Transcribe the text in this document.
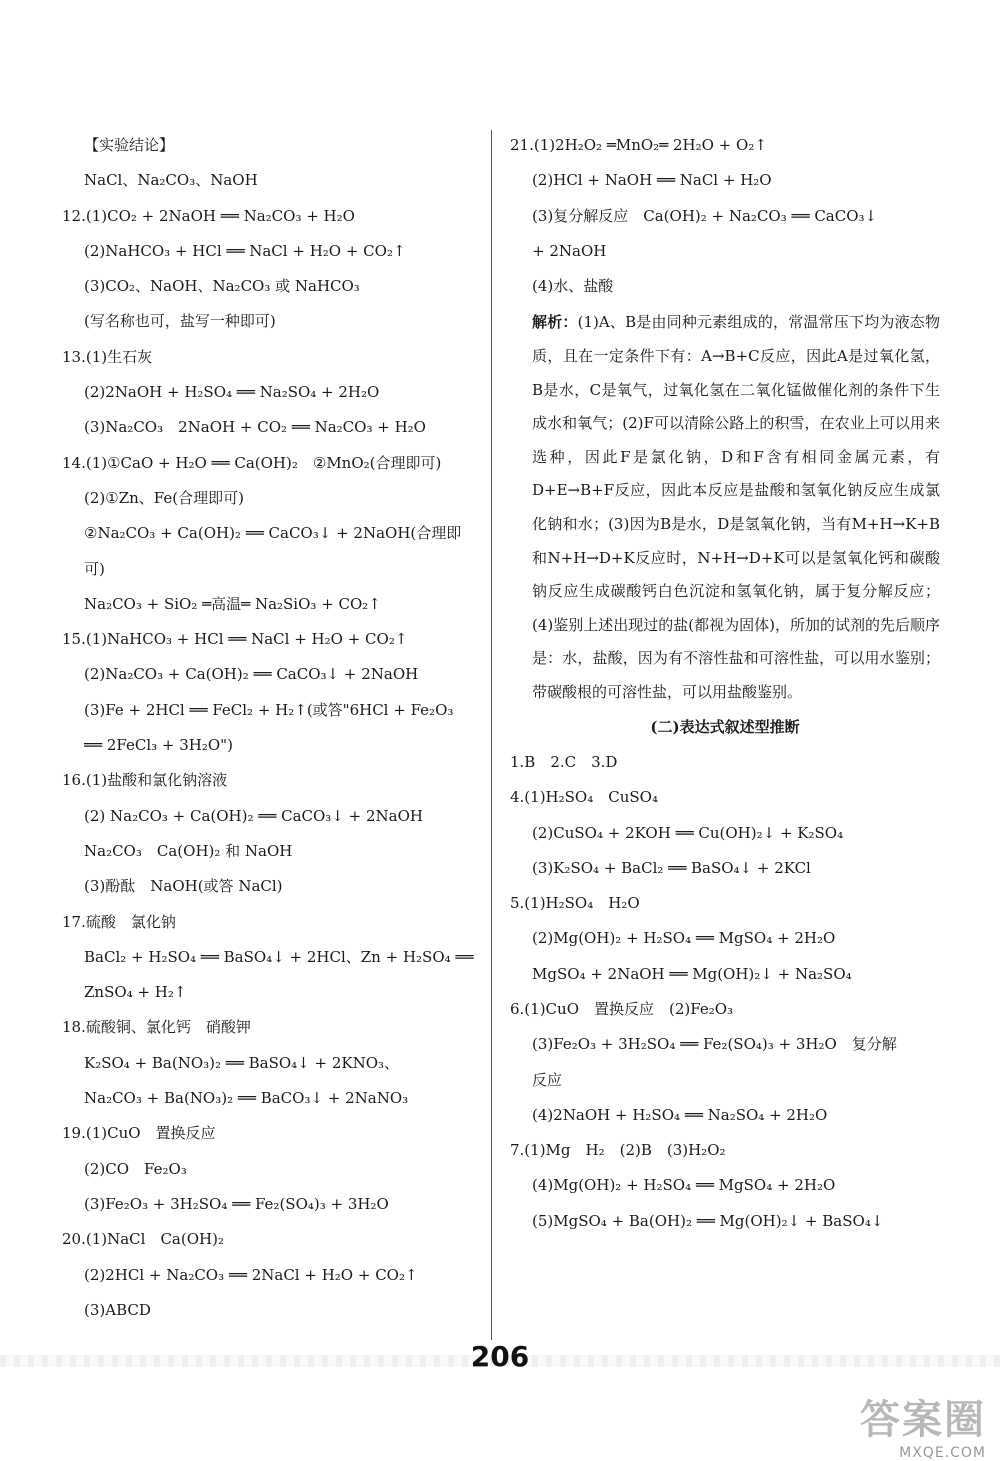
【实验结论】
NaCl、Na₂CO₃、NaOH
12.(1)CO₂ + 2NaOH ══ Na₂CO₃ + H₂O
(2)NaHCO₃ + HCl ══ NaCl + H₂O + CO₂↑
(3)CO₂、NaOH、Na₂CO₃ 或 NaHCO₃
(写名称也可，盐写一种即可)
13.(1)生石灰
(2)2NaOH + H₂SO₄ ══ Na₂SO₄ + 2H₂O
(3)Na₂CO₃　2NaOH + CO₂ ══ Na₂CO₃ + H₂O
14.(1)①CaO + H₂O ══ Ca(OH)₂　②MnO₂(合理即可)
(2)①Zn、Fe(合理即可)
②Na₂CO₃ + Ca(OH)₂ ══ CaCO₃↓ + 2NaOH(合理即
可)
Na₂CO₃ + SiO₂ ═高温═ Na₂SiO₃ + CO₂↑
15.(1)NaHCO₃ + HCl ══ NaCl + H₂O + CO₂↑
(2)Na₂CO₃ + Ca(OH)₂ ══ CaCO₃↓ + 2NaOH
(3)Fe + 2HCl ══ FeCl₂ + H₂↑(或答"6HCl + Fe₂O₃
══ 2FeCl₃ + 3H₂O")
16.(1)盐酸和氯化钠溶液
(2) Na₂CO₃ + Ca(OH)₂ ══ CaCO₃↓ + 2NaOH
Na₂CO₃　Ca(OH)₂ 和 NaOH
(3)酚酞　NaOH(或答 NaCl)
17.硫酸　氯化钠
BaCl₂ + H₂SO₄ ══ BaSO₄↓ + 2HCl、Zn + H₂SO₄ ══
ZnSO₄ + H₂↑
18.硫酸铜、氯化钙　硝酸钾
K₂SO₄ + Ba(NO₃)₂ ══ BaSO₄↓ + 2KNO₃、
Na₂CO₃ + Ba(NO₃)₂ ══ BaCO₃↓ + 2NaNO₃
19.(1)CuO　置换反应
(2)CO　Fe₂O₃
(3)Fe₂O₃ + 3H₂SO₄ ══ Fe₂(SO₄)₃ + 3H₂O
20.(1)NaCl　Ca(OH)₂
(2)2HCl + Na₂CO₃ ══ 2NaCl + H₂O + CO₂↑
(3)ABCD
21.(1)2H₂O₂ ═MnO₂═ 2H₂O + O₂↑
(2)HCl + NaOH ══ NaCl + H₂O
(3)复分解反应　Ca(OH)₂ + Na₂CO₃ ══ CaCO₃↓
+ 2NaOH
(4)水、盐酸
解析：(1)A、B是由同种元素组成的，常温常压下均为液态物质，且在一定条件下有：A→B+C反应，因此A是过氧化氢，B是水，C是氧气，过氧化氢在二氧化锰做催化剂的条件下生成水和氧气；(2)F可以清除公路上的积雪，在农业上可以用来选种，因此F是氯化钠，D和F含有相同金属元素，有D+E→B+F反应，因此本反应是盐酸和氢氧化钠反应生成氯化钠和水；(3)因为B是水，D是氢氧化钠，当有M+H→K+B和N+H→D+K反应时，N+H→D+K可以是氢氧化钙和碳酸钠反应生成碳酸钙白色沉淀和氢氧化钠，属于复分解反应；(4)鉴别上述出现过的盐(都视为固体)，所加的试剂的先后顺序是：水，盐酸，因为有不溶性盐和可溶性盐，可以用水鉴别；带碳酸根的可溶性盐，可以用盐酸鉴别。
(二)表达式叙述型推断
1.B　2.C　3.D
4.(1)H₂SO₄　CuSO₄
(2)CuSO₄ + 2KOH ══ Cu(OH)₂↓ + K₂SO₄
(3)K₂SO₄ + BaCl₂ ══ BaSO₄↓ + 2KCl
5.(1)H₂SO₄　H₂O
(2)Mg(OH)₂ + H₂SO₄ ══ MgSO₄ + 2H₂O
MgSO₄ + 2NaOH ══ Mg(OH)₂↓ + Na₂SO₄
6.(1)CuO　置换反应　(2)Fe₂O₃
(3)Fe₂O₃ + 3H₂SO₄ ══ Fe₂(SO₄)₃ + 3H₂O　复分解
反应
(4)2NaOH + H₂SO₄ ══ Na₂SO₄ + 2H₂O
7.(1)Mg　H₂　(2)B　(3)H₂O₂
(4)Mg(OH)₂ + H₂SO₄ ══ MgSO₄ + 2H₂O
(5)MgSO₄ + Ba(OH)₂ ══ Mg(OH)₂↓ + BaSO₄↓
206
答案圈
MXQE.COM
